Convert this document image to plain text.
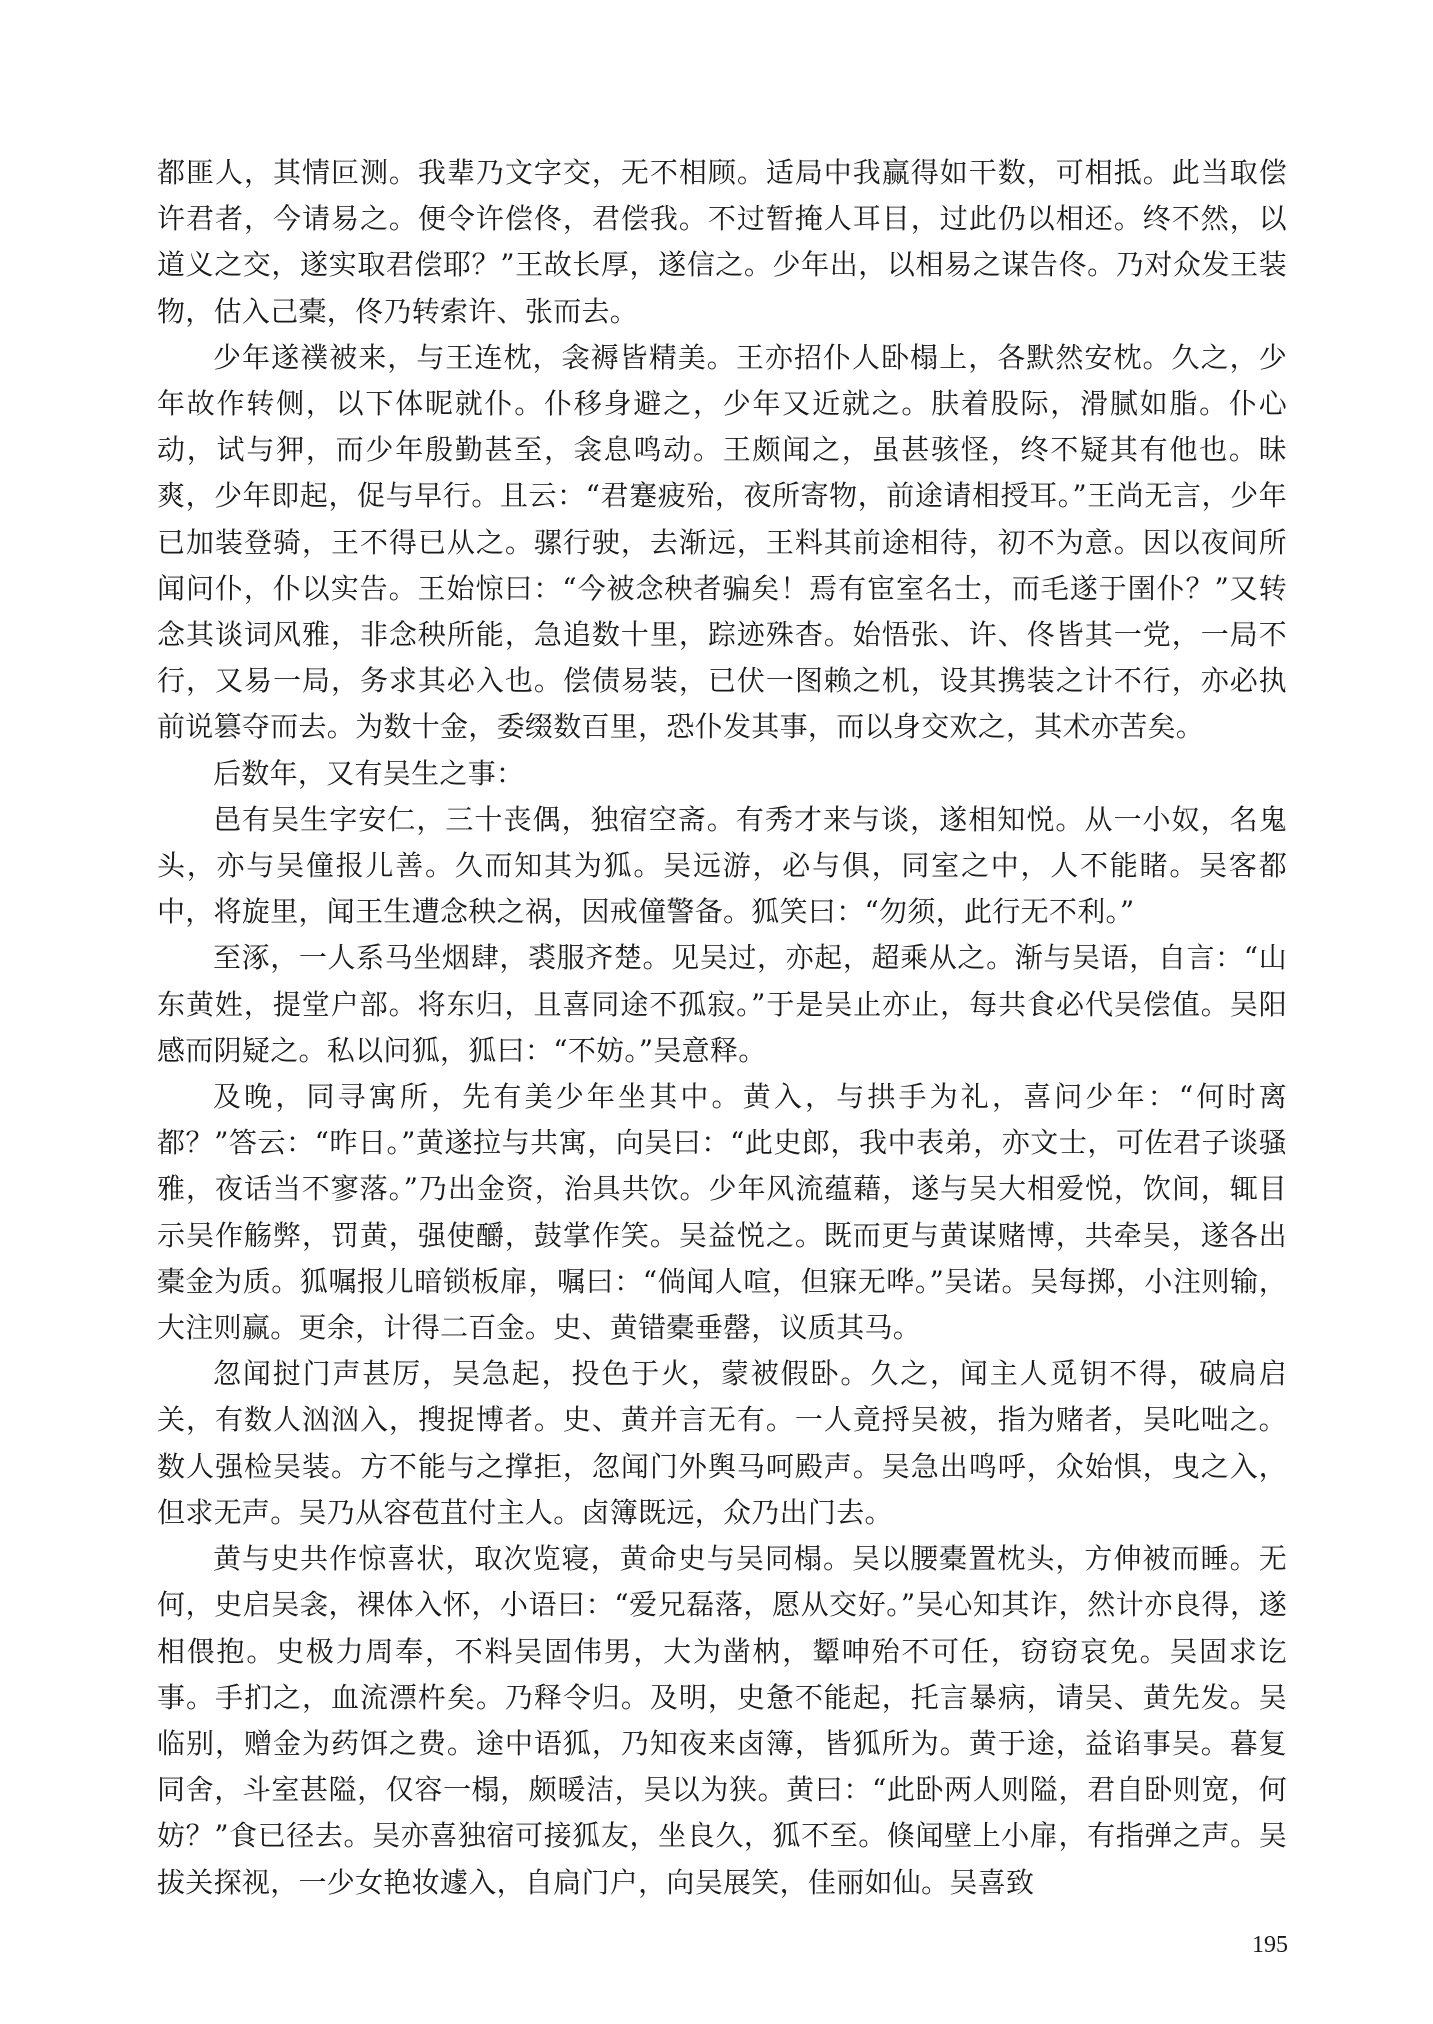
都匪人，其情叵测。我辈乃文字交，无不相顾。适局中我赢得如干数，可相抵。此当取偿许君者，今请易之。便令许偿佟，君偿我。不过暂掩人耳目，过此仍以相还。终不然，以道义之交，遂实取君偿耶？”王故长厚，遂信之。少年出，以相易之谋告佟。乃对众发王装物，估入己橐，佟乃转索许、张而去。

少年遂襆被来，与王连枕，衾褥皆精美。王亦招仆人卧榻上，各默然安枕。久之，少年故作转侧，以下体昵就仆。仆移身避之，少年又近就之。肤着股际，滑腻如脂。仆心动，试与狎，而少年殷勤甚至，衾息鸣动。王颇闻之，虽甚骇怪，终不疑其有他也。昧爽，少年即起，促与早行。且云：“君蹇疲殆，夜所寄物，前途请相授耳。”王尚无言，少年已加装登骑，王不得已从之。骡行驶，去渐远，王料其前途相待，初不为意。因以夜间所闻问仆，仆以实告。王始惊曰：“今被念秧者骗矣！焉有宦室名士，而毛遂于圉仆？”又转念其谈词风雅，非念秧所能，急追数十里，踪迹殊杳。始悟张、许、佟皆其一党，一局不行，又易一局，务求其必入也。偿债易装，已伏一图赖之机，设其携装之计不行，亦必执前说篡夺而去。为数十金，委缀数百里，恐仆发其事，而以身交欢之，其术亦苦矣。

后数年，又有吴生之事：

邑有吴生字安仁，三十丧偶，独宿空斋。有秀才来与谈，遂相知悦。从一小奴，名鬼头，亦与吴僮报儿善。久而知其为狐。吴远游，必与俱，同室之中，人不能睹。吴客都中，将旋里，闻王生遭念秧之祸，因戒僮警备。狐笑曰：“勿须，此行无不利。”

至涿，一人系马坐烟肆，裘服齐楚。见吴过，亦起，超乘从之。渐与吴语，自言：“山东黄姓，提堂户部。将东归，且喜同途不孤寂。”于是吴止亦止，每共食必代吴偿值。吴阳感而阴疑之。私以问狐，狐曰：“不妨。”吴意释。

及晚，同寻寓所，先有美少年坐其中。黄入，与拱手为礼，喜问少年：“何时离都？”答云：“昨日。”黄遂拉与共寓，向吴曰：“此史郎，我中表弟，亦文士，可佐君子谈骚雅，夜话当不寥落。”乃出金资，治具共饮。少年风流蕴藉，遂与吴大相爱悦，饮间，辄目示吴作觞弊，罚黄，强使釂，鼓掌作笑。吴益悦之。既而更与黄谋赌博，共牵吴，遂各出橐金为质。狐嘱报儿暗锁板扉，嘱曰：“倘闻人喧，但寐无哗。”吴诺。吴每掷，小注则输，大注则赢。更余，计得二百金。史、黄错橐垂罄，议质其马。

忽闻挝门声甚厉，吴急起，投色于火，蒙被假卧。久之，闻主人觅钥不得，破扃启关，有数人汹汹入，搜捉博者。史、黄并言无有。一人竟捋吴被，指为赌者，吴叱咄之。数人强检吴装。方不能与之撑拒，忽闻门外舆马呵殿声。吴急出鸣呼，众始惧，曳之入，但求无声。吴乃从容苞苴付主人。卤簿既远，众乃出门去。

黄与史共作惊喜状，取次览寝，黄命史与吴同榻。吴以腰橐置枕头，方伸被而睡。无何，史启吴衾，裸体入怀，小语曰：“爱兄磊落，愿从交好。”吴心知其诈，然计亦良得，遂相偎抱。史极力周奉，不料吴固伟男，大为凿枘，颦呻殆不可任，窃窃哀免。吴固求讫事。手扪之，血流漂杵矣。乃释令归。及明，史惫不能起，托言暴病，请吴、黄先发。吴临别，赠金为药饵之费。途中语狐，乃知夜来卤簿，皆狐所为。黄于途，益谄事吴。暮复同舍，斗室甚隘，仅容一榻，颇暖洁，吴以为狭。黄曰：“此卧两人则隘，君自卧则宽，何妨？”食已径去。吴亦喜独宿可接狐友，坐良久，狐不至。倏闻壁上小扉，有指弹之声。吴拔关探视，一少女艳妆遽入，自扃门户，向吴展笑，佳丽如仙。吴喜致

195
